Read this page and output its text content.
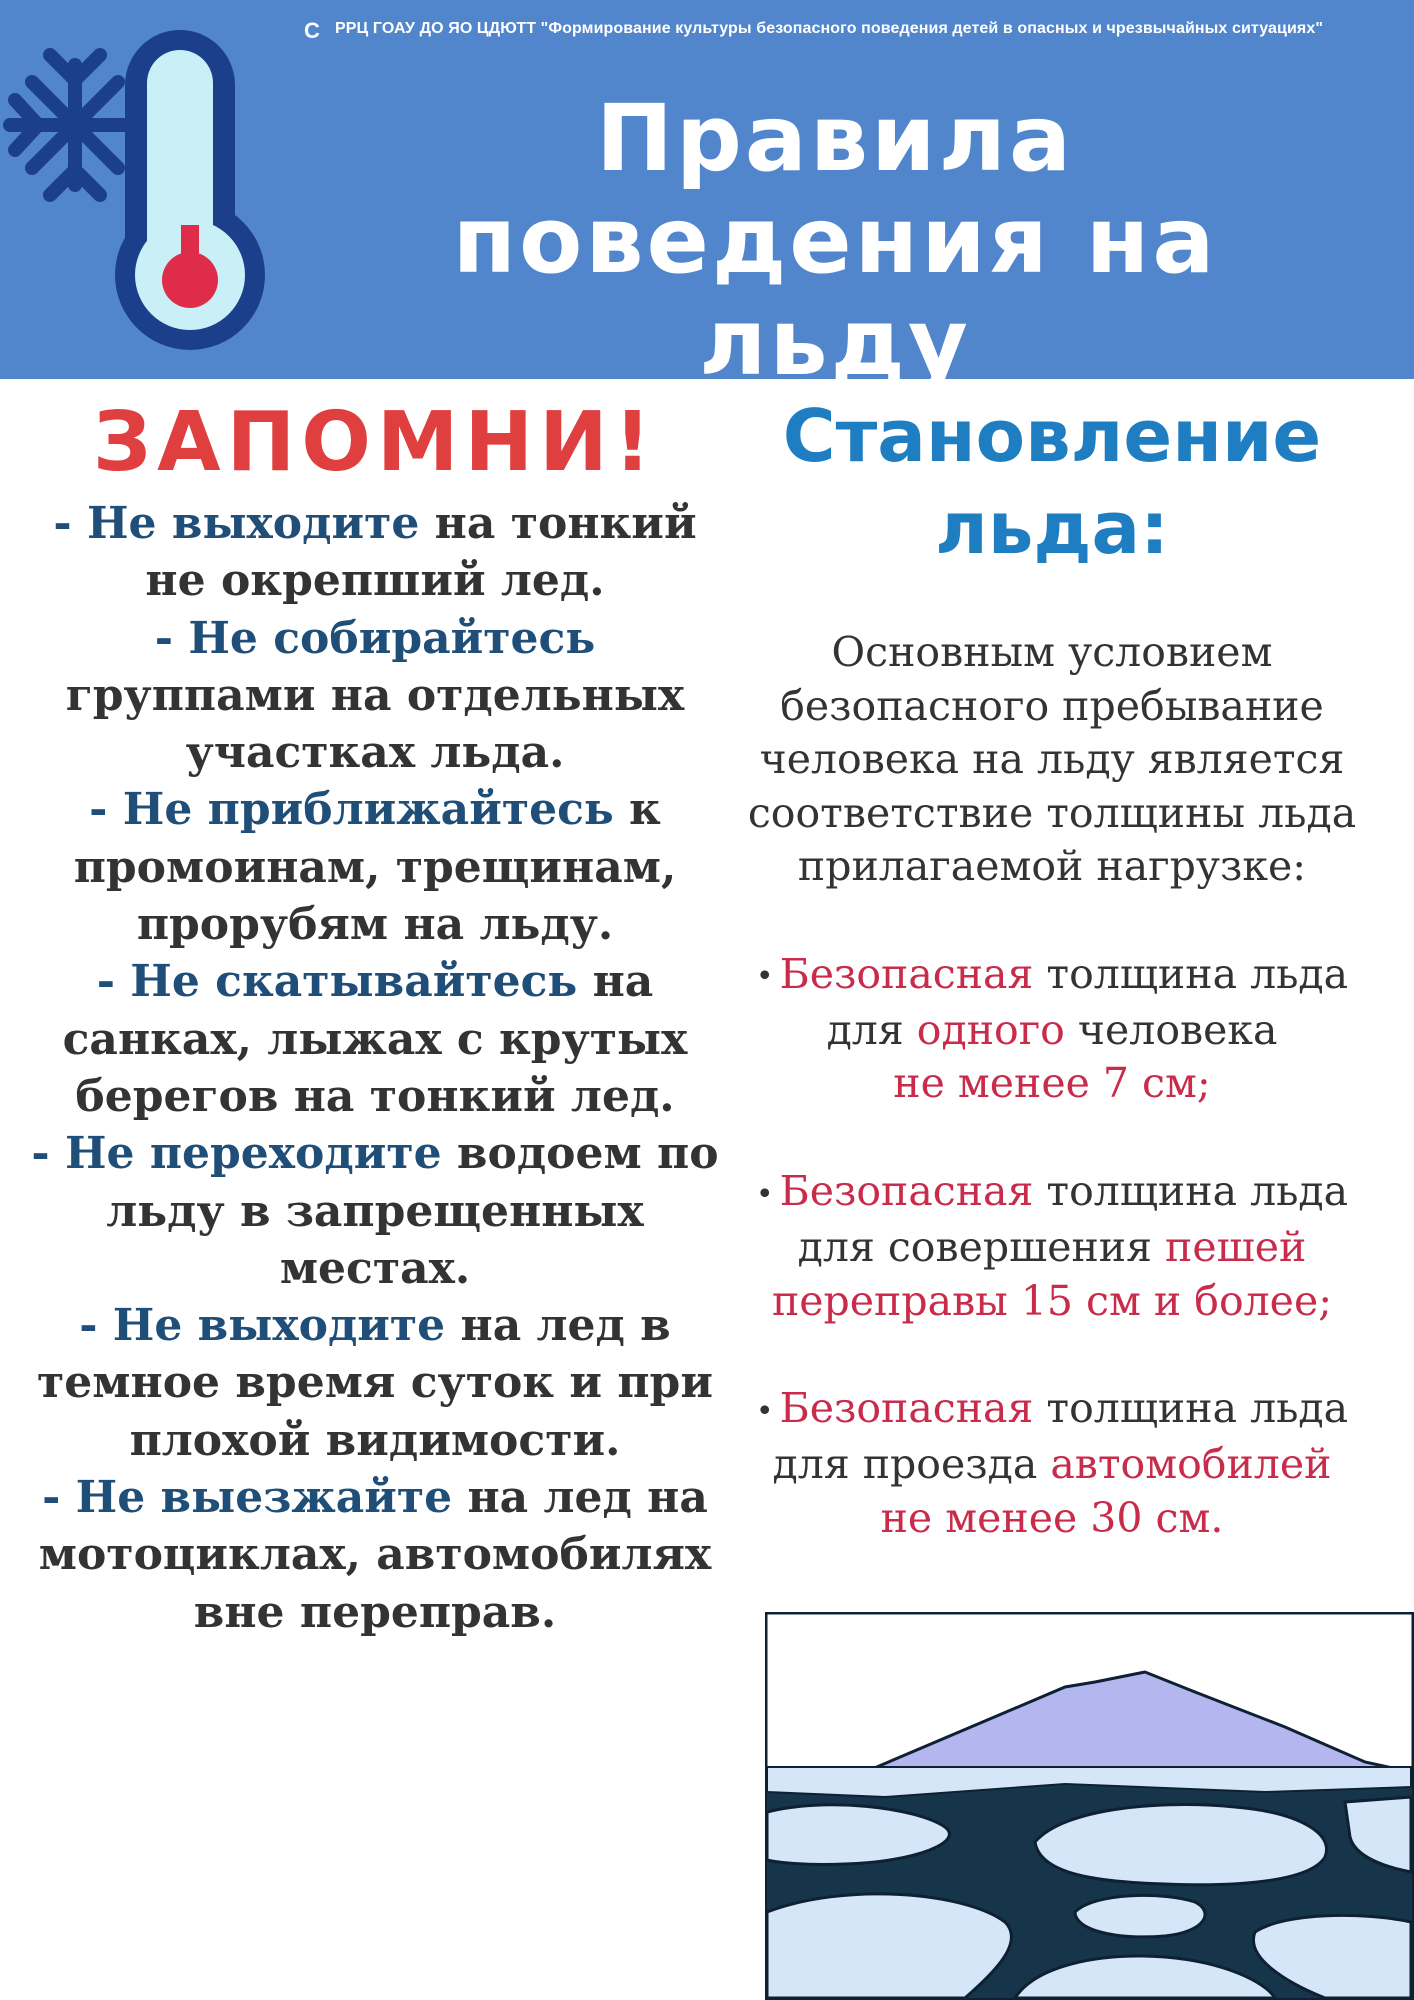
С РРЦ ГОАУ ДО ЯО ЦДЮТТ "Формирование культуры безопасного поведения детей в опасных и чрезвычайных ситуациях"
Правила
поведения на льду
ЗАПОМНИ!
- Не выходите на тонкий не окрепший лед.
- Не собирайтесь группами на отдельных участках льда.
- Не приближайтесь к промоинам, трещинам, прорубям на льду.
- Не скатывайтесь на санках, лыжах с крутых берегов на тонкий лед.
- Не переходите водоем по льду в запрещенных местах.
- Не выходите на лед в темное время суток и при плохой видимости.
- Не выезжайте на лед на мотоциклах, автомобилях вне переправ.
Становление
льда:
Основным условием безопасного пребывание человека на льду является соответствие толщины льда прилагаемой нагрузке:
• Безопасная толщина льда для одного человека
не менее 7 см;
• Безопасная толщина льда для совершения пешей переправы 15 см и более;
• Безопасная толщина льда для проезда автомобилей
не менее 30 см.
